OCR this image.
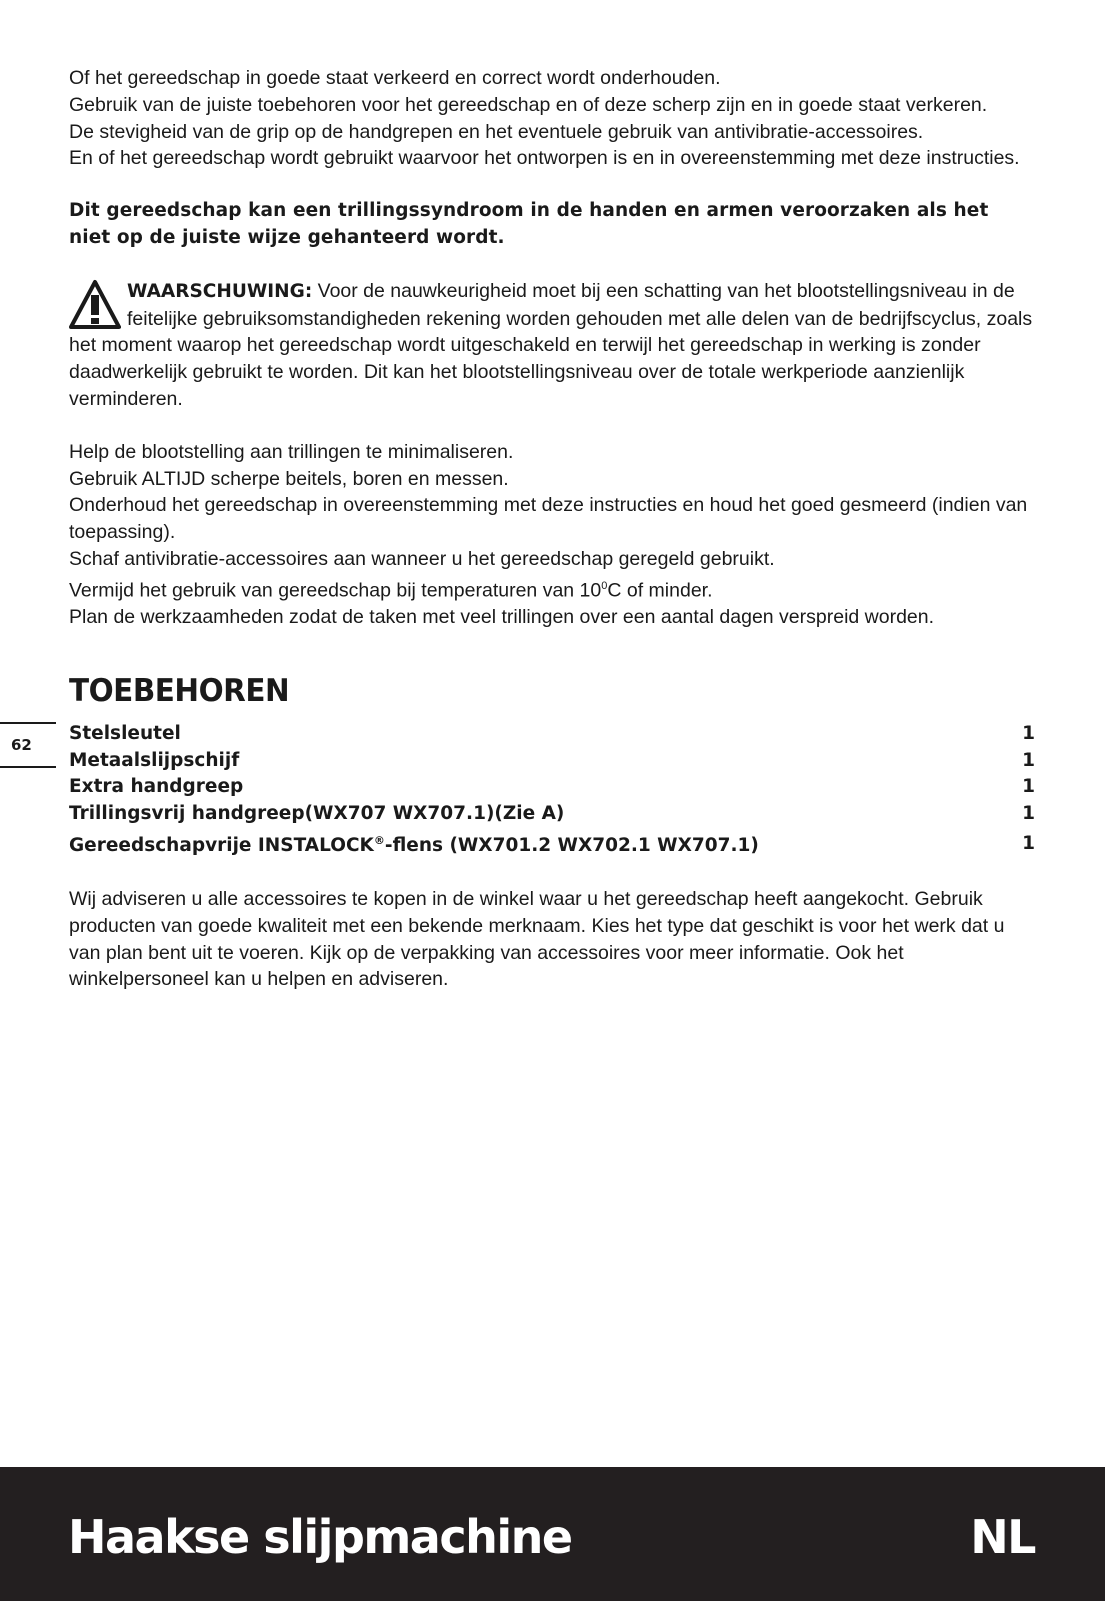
Of het gereedschap in goede staat verkeerd en correct wordt onderhouden.

Gebruik van de juiste toebehoren voor het gereedschap en of deze scherp zijn en in goede staat verkeren.

De stevigheid van de grip op de handgrepen en het eventuele gebruik van antivibratie-accessoires.

En of het gereedschap wordt gebruikt waarvoor het ontworpen is en in overeenstemming met deze instructies.

Dit gereedschap kan een trillingssyndroom in de handen en armen veroorzaken als het niet op de juiste wijze gehanteerd wordt.

WAARSCHUWING: Voor de nauwkeurigheid moet bij een schatting van het blootstellingsniveau in de feitelijke gebruiksomstandigheden rekening worden gehouden met alle delen van de bedrijfscyclus, zoals het moment waarop het gereedschap wordt uitgeschakeld en terwijl het gereedschap in werking is zonder daadwerkelijk gebruikt te worden. Dit kan het blootstellingsniveau over de totale werkperiode aanzienlijk verminderen.

Help de blootstelling aan trillingen te minimaliseren.

Gebruik ALTIJD scherpe beitels, boren en messen.

Onderhoud het gereedschap in overeenstemming met deze instructies en houd het goed gesmeerd (indien van toepassing).

Schaf antivibratie-accessoires aan wanneer u het gereedschap geregeld gebruikt.

Vermijd het gebruik van gereedschap bij temperaturen van $10^0C$ of minder.

Plan de werkzaamheden zodat de taken met veel trillingen over een aantal dagen verspreid worden.

TOEBEHOREN
Stelsleutel	1
Metaalslijpschijf	1
Extra handgreep	1
Trillingsvrij handgreep(WX707 WX707.1)(Zie A)	1
Gereedschapvrije INSTALOCK®-flens (WX701.2 WX702.1 WX707.1)	1

Wij adviseren u alle accessoires te kopen in de winkel waar u het gereedschap heeft aangekocht. Gebruik producten van goede kwaliteit met een bekende merknaam. Kies het type dat geschikt is voor het werk dat u van plan bent uit te voeren. Kijk op de verpakking van accessoires voor meer informatie. Ook het winkelpersoneel kan u helpen en adviseren.

62
Haakse slijpmachine	NL
